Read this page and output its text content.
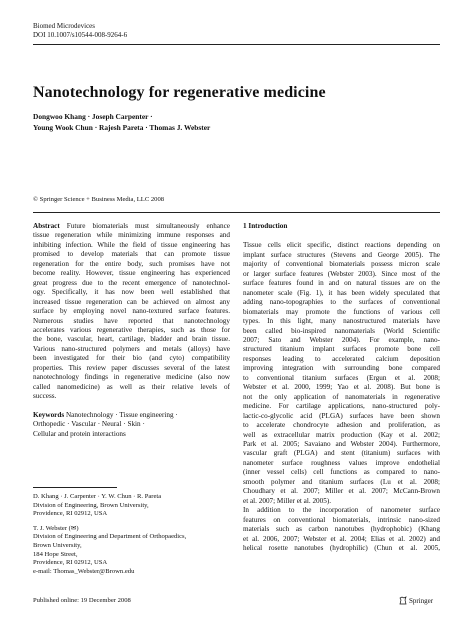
Biomed Microdevices
DOI 10.1007/s10544-008-9264-6
Nanotechnology for regenerative medicine
Dongwoo Khang · Joseph Carpenter ·
Young Wook Chun · Rajesh Pareta · Thomas J. Webster
© Springer Science + Business Media, LLC 2008
Abstract Future biomaterials must simultaneously enhance
tissue regeneration while minimizing immune responses and
inhibiting infection. While the field of tissue engineering has
promised to develop materials that can promote tissue
regeneration for the entire body, such promises have not
become reality. However, tissue engineering has experienced
great progress due to the recent emergence of nanotechnol-
ogy. Specifically, it has now been well established that
increased tissue regeneration can be achieved on almost any
surface by employing novel nano-textured surface features.
Numerous studies have reported that nanotechnology
accelerates various regenerative therapies, such as those for
the bone, vascular, heart, cartilage, bladder and brain tissue.
Various nano-structured polymers and metals (alloys) have
been investigated for their bio (and cyto) compatibility
properties. This review paper discusses several of the latest
nanotechnology findings in regenerative medicine (also now
called nanomedicine) as well as their relative levels of
success.
Keywords Nanotechnology · Tissue engineering ·
Orthopedic · Vascular · Neural · Skin ·
Cellular and protein interactions
D. Khang · J. Carpenter · Y. W. Chun · R. Pareta
Division of Engineering, Brown University,
Providence, RI 02912, USA
T. J. Webster (✉)
Division of Engineering and Department of Orthopaedics,
Brown University,
184 Hope Street,
Providence, RI 02912, USA
e-mail: Thomas_Webster@Brown.edu
1 Introduction
Tissue cells elicit specific, distinct reactions depending on
implant surface structures (Stevens and George 2005). The
majority of conventional biomaterials possess micron scale
or larger surface features (Webster 2003). Since most of the
surface features found in and on natural tissues are on the
nanometer scale (Fig. 1), it has been widely speculated that
adding nano-topographies to the surfaces of conventional
biomaterials may promote the functions of various cell
types. In this light, many nanostructured materials have
been called bio-inspired nanomaterials (World Scientific
2007; Sato and Webster 2004). For example, nano-
structured titanium implant surfaces promote bone cell
responses leading to accelerated calcium deposition
improving integration with surrounding bone compared
to conventional titanium surfaces (Ergun et al. 2008;
Webster et al. 2000, 1999; Yao et al. 2008). But bone is
not the only application of nanomaterials in regenerative
medicine. For cartilage applications, nano-structured poly-
lactic-co-glycolic acid (PLGA) surfaces have been shown
to accelerate chondrocyte adhesion and proliferation, as
well as extracellular matrix production (Kay et al. 2002;
Park et al. 2005; Savaiano and Webster 2004). Furthermore,
vascular graft (PLGA) and stent (titanium) surfaces with
nanometer surface roughness values improve endothelial
(inner vessel cells) cell functions as compared to nano-
smooth polymer and titanium surfaces (Lu et al. 2008;
Choudhary et al. 2007; Miller et al. 2007; McCann-Brown
et al. 2007; Miller et al. 2005).
In addition to the incorporation of nanometer surface
features on conventional biomaterials, intrinsic nano-sized
materials such as carbon nanotubes (hydrophobic) (Khang
et al. 2006, 2007; Webster et al. 2004; Elias et al. 2002) and
helical rosette nanotubes (hydrophilic) (Chun et al. 2005,
Published online: 19 December 2008	Springer
